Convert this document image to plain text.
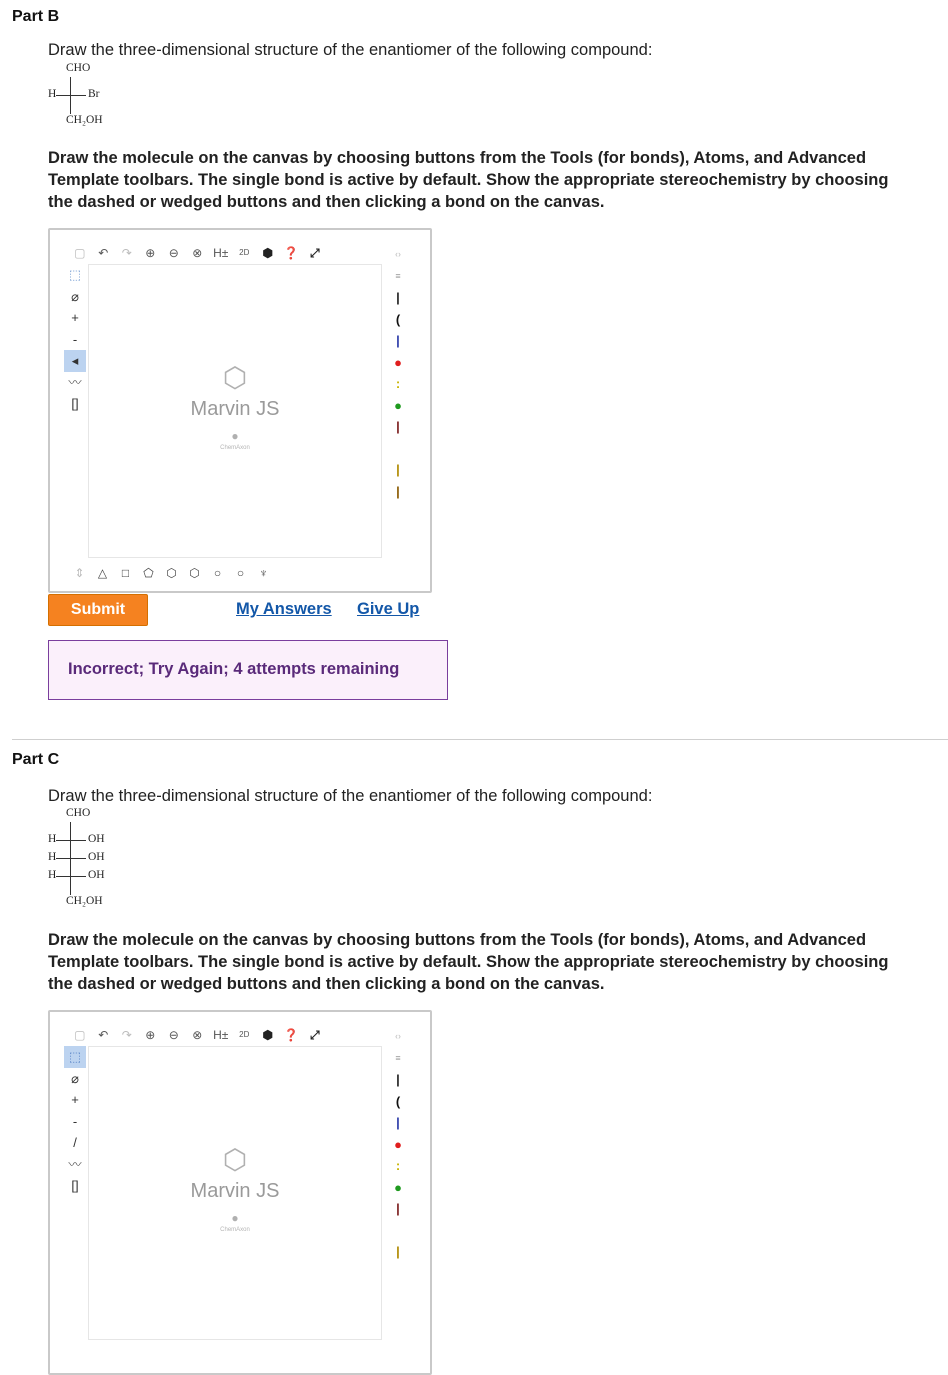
Part B
Draw the three-dimensional structure of the enantiomer of the following compound:
CHO
H	Br
CH₂OH
Draw the molecule on the canvas by choosing buttons from the Tools (for bonds), Atoms, and Advanced
Template toolbars. The single bond is active by default. Show the appropriate stereochemistry by choosing
the dashed or wedged buttons and then clicking a bond on the canvas.
▢	↶	↷	⊕	⊖	⊗ H±	2D	⬢ ❓ ⤢
⬚
⌀
+
-
◂
〰
[]
⬡
Marvin JS
●
ChemAxon
‹›
≡
|
(
|
●
:
●
|
.
|
|
⇕	△	□	⬠	⬡	⬡	○	○	♆
Submit	My Answers Give Up
Incorrect; Try Again; 4 attempts remaining
Part C
Draw the three-dimensional structure of the enantiomer of the following compound:
CHO
H	OH
H	OH
H	OH
CH₂OH
Draw the molecule on the canvas by choosing buttons from the Tools (for bonds), Atoms, and Advanced
Template toolbars. The single bond is active by default. Show the appropriate stereochemistry by choosing
the dashed or wedged buttons and then clicking a bond on the canvas.
▢	↶	↷	⊕	⊖	⊗ H±	2D	⬢ ❓ ⤢
⬚
⌀
+
-
/
〰
[]
⬡
Marvin JS
●
ChemAxon
‹›
≡
|
(
|
●
:
●
|
.
|
